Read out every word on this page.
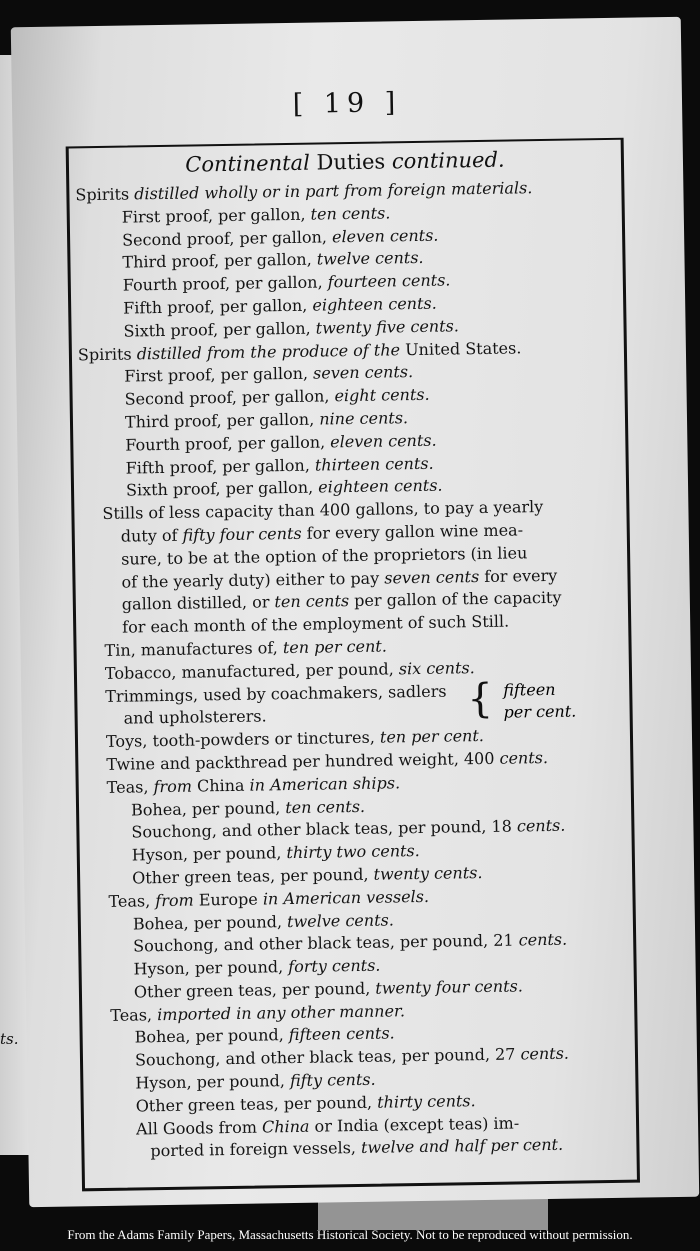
ts.
[ 19 ]
Continental Duties continued.
Spirits distilled wholly or in part from foreign materials.
First proof, per gallon, ten cents.
Second proof, per gallon, eleven cents.
Third proof, per gallon, twelve cents.
Fourth proof, per gallon, fourteen cents.
Fifth proof, per gallon, eighteen cents.
Sixth proof, per gallon, twenty five cents.
Spirits distilled from the produce of the United States.
First proof, per gallon, seven cents.
Second proof, per gallon, eight cents.
Third proof, per gallon, nine cents.
Fourth proof, per gallon, eleven cents.
Fifth proof, per gallon, thirteen cents.
Sixth proof, per gallon, eighteen cents.
Stills of less capacity than 400 gallons, to pay a yearly
duty of fifty four cents for every gallon wine mea-
sure, to be at the option of the proprietors (in lieu
of the yearly duty) either to pay seven cents for every
gallon distilled, or ten cents per gallon of the capacity
for each month of the employment of such Still.
Tin, manufactures of, ten per cent.
Tobacco, manufactured, per pound, six cents.
Trimmings, used by coachmakers, sadlers
and upholsterers.	{ fifteen
per cent.
Toys, tooth-powders or tinctures, ten per cent.
Twine and packthread per hundred weight, 400 cents.
Teas, from China in American ships.
Bohea, per pound, ten cents.
Souchong, and other black teas, per pound, 18 cents.
Hyson, per pound, thirty two cents.
Other green teas, per pound, twenty cents.
Teas, from Europe in American vessels.
Bohea, per pound, twelve cents.
Souchong, and other black teas, per pound, 21 cents.
Hyson, per pound, forty cents.
Other green teas, per pound, twenty four cents.
Teas, imported in any other manner.
Bohea, per pound, fifteen cents.
Souchong, and other black teas, per pound, 27 cents.
Hyson, per pound, fifty cents.
Other green teas, per pound, thirty cents.
All Goods from China or India (except teas) im-
ported in foreign vessels, twelve and half per cent.
From the Adams Family Papers, Massachusetts Historical Society. Not to be reproduced without permission.
